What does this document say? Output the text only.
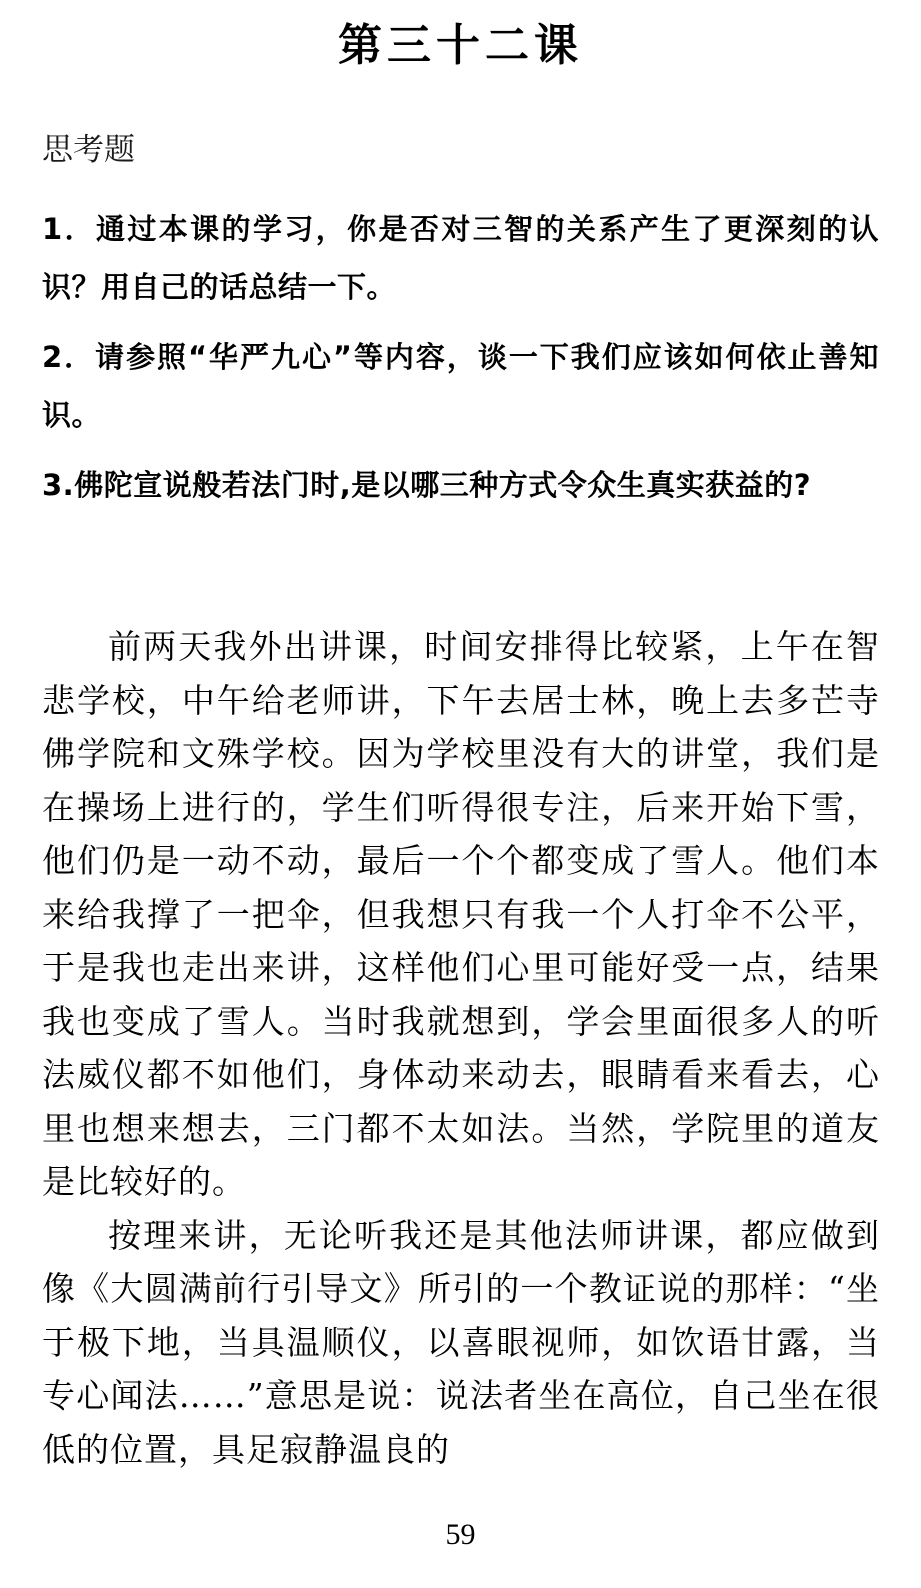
第三十二课
思考题
1．通过本课的学习，你是否对三智的关系产生了更深刻的认识？用自己的话总结一下。
2．请参照“华严九心”等内容，谈一下我们应该如何依止善知识。
3.佛陀宣说般若法门时,是以哪三种方式令众生真实获益的?

前两天我外出讲课，时间安排得比较紧，上午在智悲学校，中午给老师讲，下午去居士林，晚上去多芒寺佛学院和文殊学校。因为学校里没有大的讲堂，我们是在操场上进行的，学生们听得很专注，后来开始下雪，他们仍是一动不动，最后一个个都变成了雪人。他们本来给我撑了一把伞，但我想只有我一个人打伞不公平，于是我也走出来讲，这样他们心里可能好受一点，结果我也变成了雪人。当时我就想到，学会里面很多人的听法威仪都不如他们，身体动来动去，眼睛看来看去，心里也想来想去，三门都不太如法。当然，学院里的道友是比较好的。

按理来讲，无论听我还是其他法师讲课，都应做到像《大圆满前行引导文》所引的一个教证说的那样：“坐于极下地，当具温顺仪，以喜眼视师，如饮语甘露，当专心闻法……”意思是说：说法者坐在高位，自己坐在很低的位置，具足寂静温良的

59
